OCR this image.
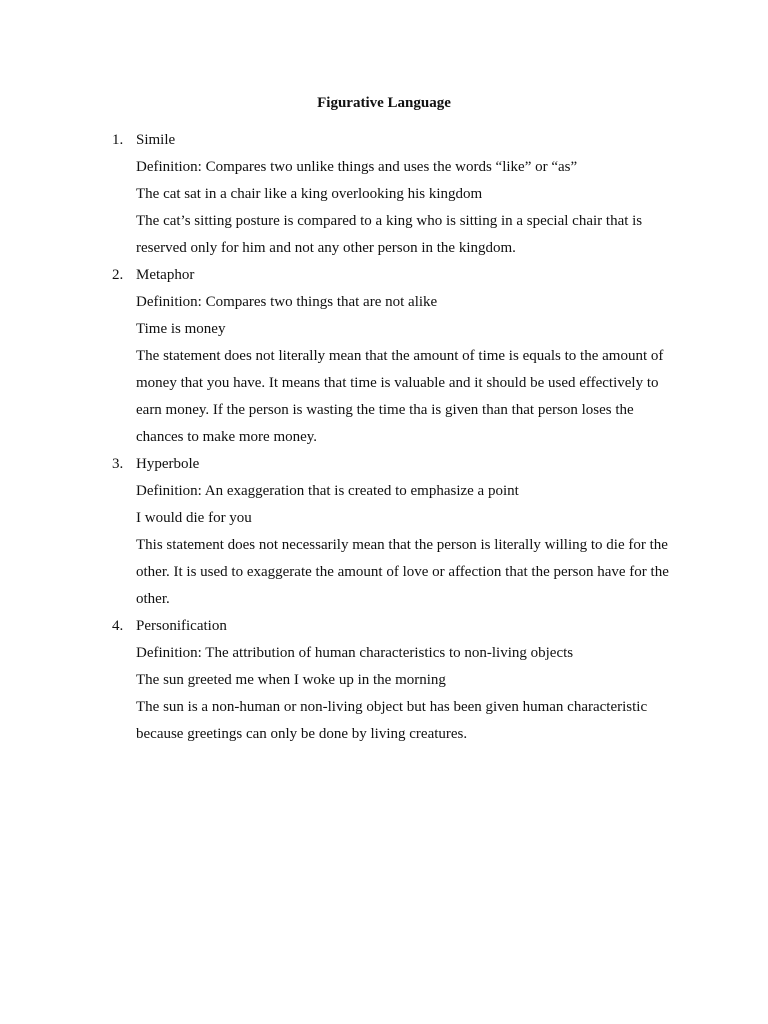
Figurative Language
1. Simile

Definition: Compares two unlike things and uses the words “like” or “as”

The cat sat in a chair like a king overlooking his kingdom

The cat’s sitting posture is compared to a king who is sitting in a special chair that is

reserved only for him and not any other person in the kingdom.

2. Metaphor

Definition: Compares two things that are not alike

Time is money

The statement does not literally mean that the amount of time is equals to the amount of

money that you have. It means that time is valuable and it should be used effectively to

earn money. If the person is wasting the time tha is given than that person loses the

chances to make more money.

3. Hyperbole

Definition: An exaggeration that is created to emphasize a point

I would die for you

This statement does not necessarily mean that the person is literally willing to die for the

other. It is used to exaggerate the amount of love or affection that the person have for the

other.

4. Personification

Definition: The attribution of human characteristics to non-living objects

The sun greeted me when I woke up in the morning

The sun is a non-human or non-living object but has been given human characteristic

because greetings can only be done by living creatures.
